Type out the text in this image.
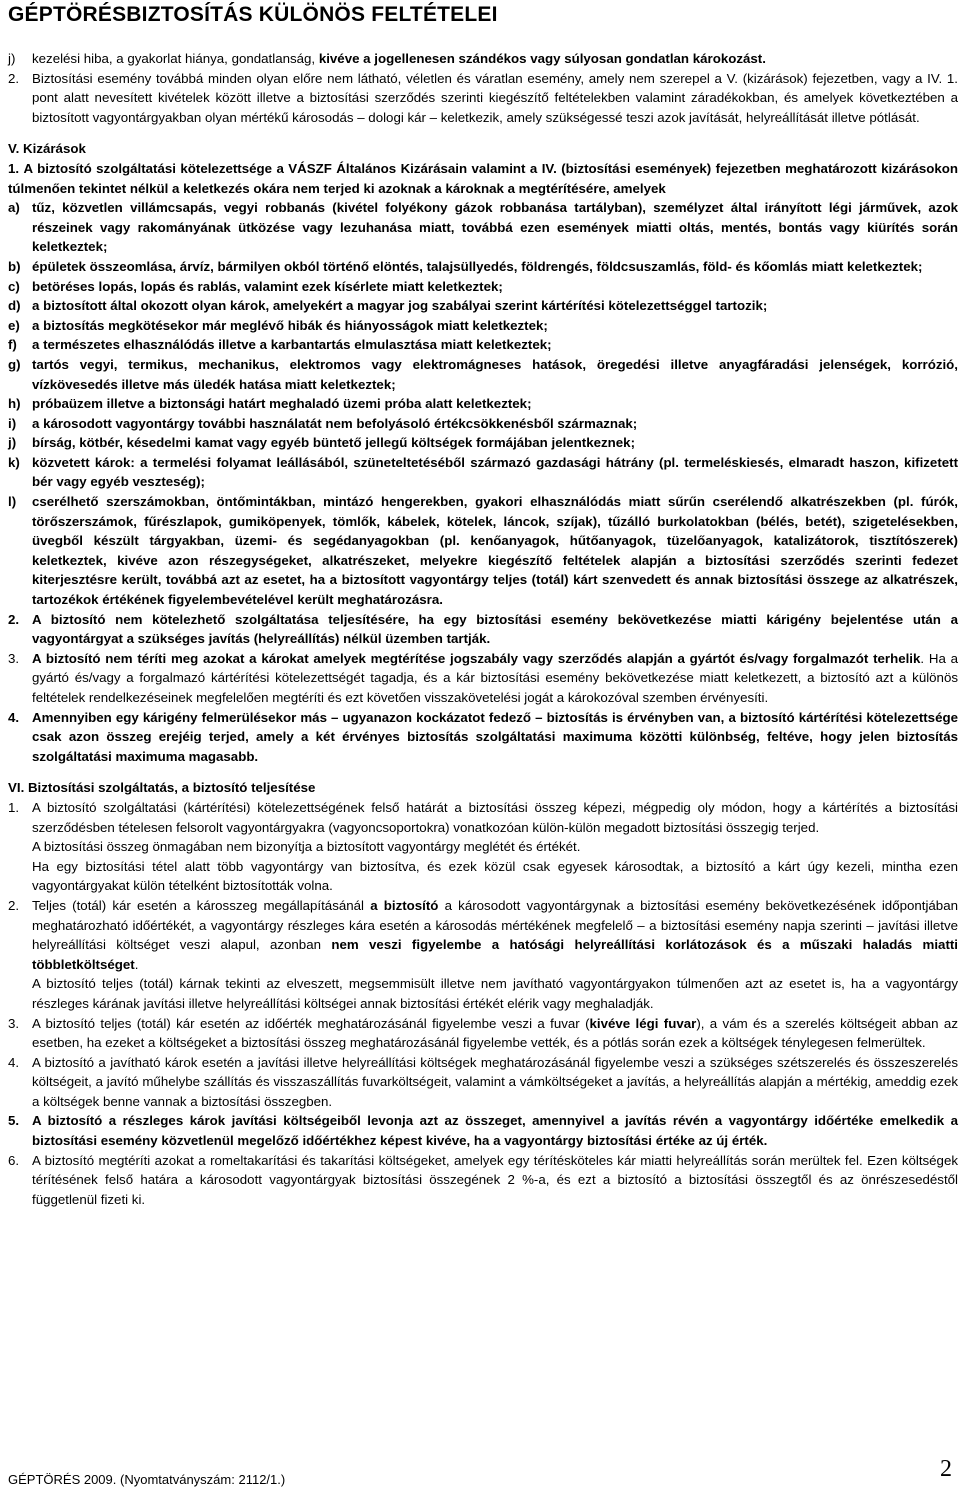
GÉPTÖRÉSBIZTOSÍTÁS KÜLÖNÖS FELTÉTELEI
j) kezelési hiba, a gyakorlat hiánya, gondatlanság, kivéve a jogellenesen szándékos vagy súlyosan gondatlan károkozást.
2. Biztosítási esemény továbbá minden olyan előre nem látható, véletlen és váratlan esemény, amely nem szerepel a V. (kizárások) fejezetben, vagy a IV. 1. pont alatt nevesített kivételek között illetve a biztosítási szerződés szerinti kiegészítő feltételekben valamint záradékokban, és amelyek következtében a biztosított vagyontárgyakban olyan mértékű károsodás – dologi kár – keletkezik, amely szükségessé teszi azok javítását, helyreállítását illetve pótlását.

V. Kizárások

1. A biztosító szolgáltatási kötelezettsége a VÁSZF Általános Kizárásain valamint a IV. (biztosítási események) fejezetben meghatározott kizárásokon túlmenően tekintet nélkül a keletkezés okára nem terjed ki azoknak a károknak a megtérítésére, amelyek

a) tűz, közvetlen villámcsapás, vegyi robbanás (kivétel folyékony gázok robbanása tartályban), személyzet által irányított légi járművek, azok részeinek vagy rakományának ütközése vagy lezuhanása miatt, továbbá ezen események miatti oltás, mentés, bontás vagy kiürítés során keletkeztek;
b) épületek összeomlása, árvíz, bármilyen okból történő elöntés, talajsüllyedés, földrengés, földcsuszamlás, föld- és kőomlás miatt keletkeztek;
c) betöréses lopás, lopás és rablás, valamint ezek kísérlete miatt keletkeztek;
d) a biztosított által okozott olyan károk, amelyekért a magyar jog szabályai szerint kártérítési kötelezettséggel tartozik;
e) a biztosítás megkötésekor már meglévő hibák és hiányosságok miatt keletkeztek;
f) a természetes elhasználódás illetve a karbantartás elmulasztása miatt keletkeztek;
g) tartós vegyi, termikus, mechanikus, elektromos vagy elektromágneses hatások, öregedési illetve anyagfáradási jelenségek, korrózió, vízkövesedés illetve más üledék hatása miatt keletkeztek;
h) próbaüzem illetve a biztonsági határt meghaladó üzemi próba alatt keletkeztek;
i) a károsodott vagyontárgy további használatát nem befolyásoló értékcsökkenésből származnak;
j) bírság, kötbér, késedelmi kamat vagy egyéb büntető jellegű költségek formájában jelentkeznek;
k) közvetett károk: a termelési folyamat leállásából, szüneteltetéséből származó gazdasági hátrány (pl. termeléskiesés, elmaradt haszon, kifizetett bér vagy egyéb veszteség);
l) cserélhető szerszámokban, öntőmintákban, mintázó hengerekben, gyakori elhasználódás miatt sűrűn cserélendő alkatrészekben (pl. fúrók, törőszerszámok, fűrészlapok, gumiköpenyek, tömlők, kábelek, kötelek, láncok, szíjak), tűzálló burkolatokban (bélés, betét), szigetelésekben, üvegből készült tárgyakban, üzemi- és segédanyagokban (pl. kenőanyagok, hűtőanyagok, tüzelőanyagok, katalizátorok, tisztítószerek) keletkeztek, kivéve azon részegységeket, alkatrészeket, melyekre kiegészítő feltételek alapján a biztosítási szerződés szerinti fedezet kiterjesztésre került, továbbá azt az esetet, ha a biztosított vagyontárgy teljes (totál) kárt szenvedett és annak biztosítási összege az alkatrészek, tartozékok értékének figyelembevételével került meghatározásra.
2. A biztosító nem kötelezhető szolgáltatása teljesítésére, ha egy biztosítási esemény bekövetkezése miatti kárigény bejelentése után a vagyontárgyat a szükséges javítás (helyreállítás) nélkül üzemben tartják.
3. A biztosító nem téríti meg azokat a károkat amelyek megtérítése jogszabály vagy szerződés alapján a gyártót és/vagy forgalmazót terhelik. Ha a gyártó és/vagy a forgalmazó kártérítési kötelezettségét tagadja, és a kár biztosítási esemény bekövetkezése miatt keletkezett, a biztosító azt a különös feltételek rendelkezéseinek megfelelően megtéríti és ezt követően visszakövetelési jogát a károkozóval szemben érvényesíti.
4. Amennyiben egy kárigény felmerülésekor más – ugyanazon kockázatot fedező – biztosítás is érvényben van, a biztosító kártérítési kötelezettsége csak azon összeg erejéig terjed, amely a két érvényes biztosítás szolgáltatási maximuma közötti különbség, feltéve, hogy jelen biztosítás szolgáltatási maximuma magasabb.

VI. Biztosítási szolgáltatás, a biztosító teljesítése

1. A biztosító szolgáltatási (kártérítési) kötelezettségének felső határát a biztosítási összeg képezi, mégpedig oly módon, hogy a kártérítés a biztosítási szerződésben tételesen felsorolt vagyontárgyakra (vagyoncsoportokra) vonatkozóan külön-külön megadott biztosítási összegig terjed.
A biztosítási összeg önmagában nem bizonyítja a biztosított vagyontárgy meglétét és értékét.
Ha egy biztosítási tétel alatt több vagyontárgy van biztosítva, és ezek közül csak egyesek károsodtak, a biztosító a kárt úgy kezeli, mintha ezen vagyontárgyakat külön tételként biztosították volna.
2. Teljes (totál) kár esetén a károsszeg megállapításánál a biztosító a károsodott vagyontárgynak a biztosítási esemény bekövetkezésének időpontjában meghatározható időértékét, a vagyontárgy részleges kára esetén a károsodás mértékének megfelelő – a biztosítási esemény napja szerinti – javítási illetve helyreállítási költséget veszi alapul, azonban nem veszi figyelembe a hatósági helyreállítási korlátozások és a műszaki haladás miatti többletköltséget.
A biztosító teljes (totál) kárnak tekinti az elveszett, megsemmisült illetve nem javítható vagyontárgyakon túlmenően azt az esetet is, ha a vagyontárgy részleges kárának javítási illetve helyreállítási költségei annak biztosítási értékét elérik vagy meghaladják.
3. A biztosító teljes (totál) kár esetén az időérték meghatározásánál figyelembe veszi a fuvar (kivéve légi fuvar), a vám és a szerelés költségeit abban az esetben, ha ezeket a költségeket a biztosítási összeg meghatározásánál figyelembe vették, és a pótlás során ezek a költségek ténylegesen felmerültek.
4. A biztosító a javítható károk esetén a javítási illetve helyreállítási költségek meghatározásánál figyelembe veszi a szükséges szétszerelés és összeszerelés költségeit, a javító műhelybe szállítás és visszaszállítás fuvarköltségeit, valamint a vámköltségeket a javítás, a helyreállítás alapján a mértékig, ameddig ezek a költségek benne vannak a biztosítási összegben.
5. A biztosító a részleges károk javítási költségeiből levonja azt az összeget, amennyivel a javítás révén a vagyontárgy időértéke emelkedik a biztosítási esemény közvetlenül megelőző időértékhez képest kivéve, ha a vagyontárgy biztosítási értéke az új érték.
6. A biztosító megtéríti azokat a romeltakarítási és takarítási költségeket, amelyek egy térítésköteles kár miatti helyreállítás során merültek fel. Ezen költségek térítésének felső határa a károsodott vagyontárgyak biztosítási összegének 2 %-a, és ezt a biztosító a biztosítási összegtől és az önrészesedéstől függetlenül fizeti ki.
GÉPTÖRÉS 2009. (Nyomtatványszám: 2112/1.)	2
